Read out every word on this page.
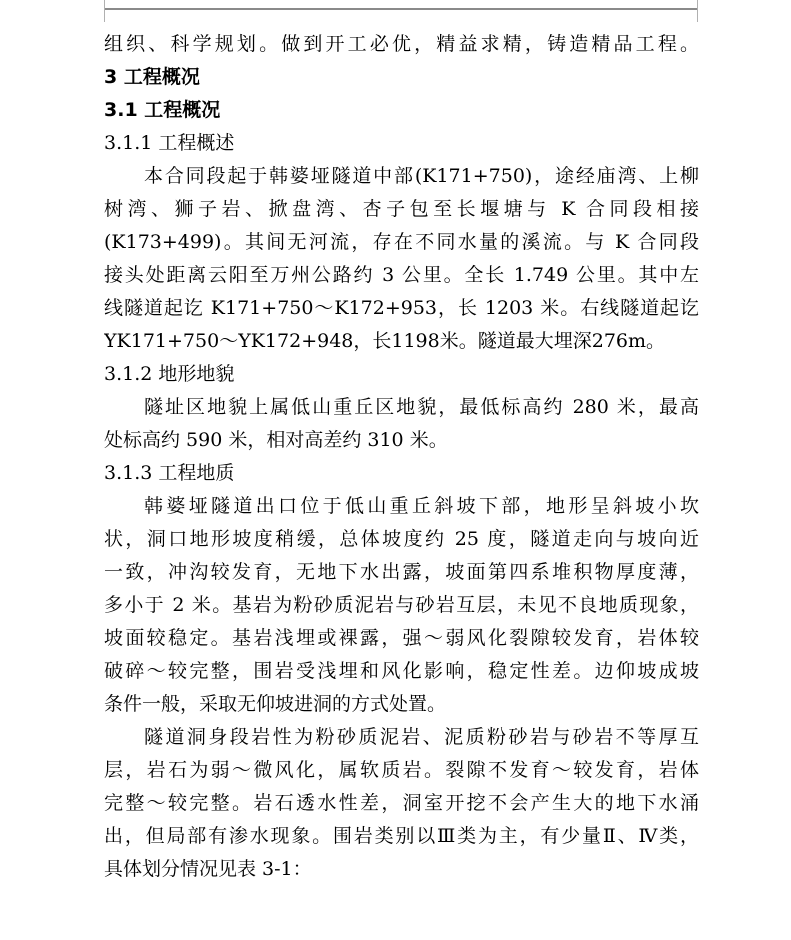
组织、科学规划。做到开工必优，精益求精，铸造精品工程。
3 工程概况
3.1 工程概况
3.1.1 工程概述
本合同段起于韩婆垭隧道中部(K171+750)，途经庙湾、上柳
树湾、狮子岩、掀盘湾、杏子包至长堰塘与 K 合同段相接
(K173+499)。其间无河流，存在不同水量的溪流。与 K 合同段
接头处距离云阳至万州公路约 3 公里。全长 1.749 公里。其中左
线隧道起讫 K171+750～K172+953，长 1203 米。右线隧道起讫
YK171+750～YK172+948，长1198米。隧道最大埋深276m。
3.1.2 地形地貌
隧址区地貌上属低山重丘区地貌，最低标高约 280 米，最高
处标高约 590 米，相对高差约 310 米。
3.1.3 工程地质
韩婆垭隧道出口位于低山重丘斜坡下部，地形呈斜坡小坎
状，洞口地形坡度稍缓，总体坡度约 25 度，隧道走向与坡向近
一致，冲沟较发育，无地下水出露，坡面第四系堆积物厚度薄，
多小于 2 米。基岩为粉砂质泥岩与砂岩互层，未见不良地质现象，
坡面较稳定。基岩浅埋或裸露，强～弱风化裂隙较发育，岩体较
破碎～较完整，围岩受浅埋和风化影响，稳定性差。边仰坡成坡
条件一般，采取无仰坡进洞的方式处置。
隧道洞身段岩性为粉砂质泥岩、泥质粉砂岩与砂岩不等厚互
层，岩石为弱～微风化，属软质岩。裂隙不发育～较发育，岩体
完整～较完整。岩石透水性差，洞室开挖不会产生大的地下水涌
出，但局部有渗水现象。围岩类别以Ⅲ类为主，有少量Ⅱ、Ⅳ类，
具体划分情况见表 3-1：
